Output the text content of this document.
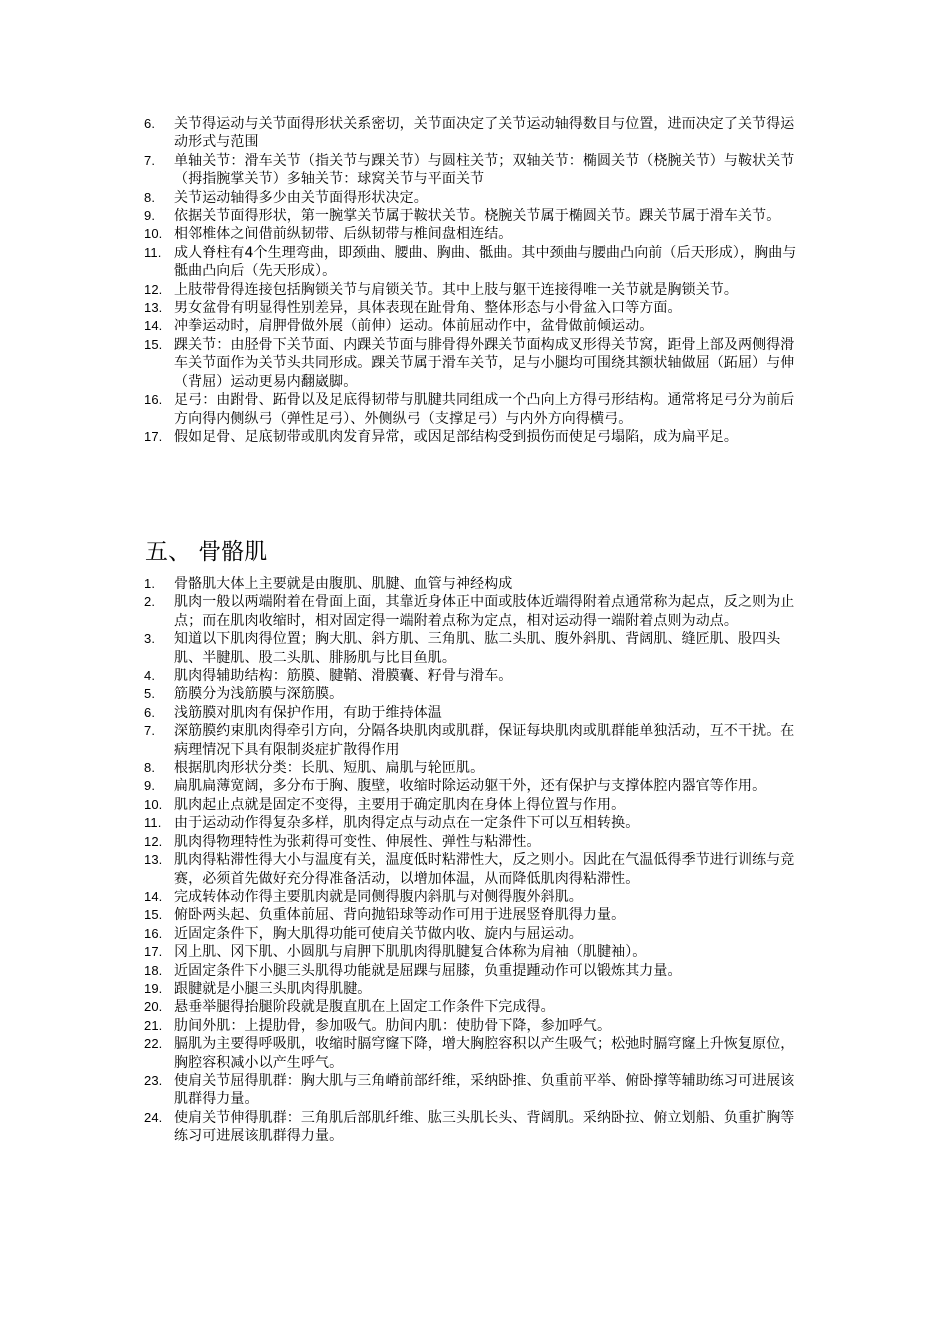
6.	关节得运动与关节面得形状关系密切，关节面决定了关节运动轴得数目与位置，进而决定了关节得运动形式与范围
7.	单轴关节：滑车关节（指关节与踝关节）与圆柱关节；双轴关节：椭圆关节（桡腕关节）与鞍状关节（拇指腕掌关节）多轴关节：球窝关节与平面关节
8.	关节运动轴得多少由关节面得形状决定。
9.	依据关节面得形状，第一腕掌关节属于鞍状关节。桡腕关节属于椭圆关节。踝关节属于滑车关节。
10. 相邻椎体之间借前纵韧带、后纵韧带与椎间盘相连结。
11. 成人脊柱有4个生理弯曲，即颈曲、腰曲、胸曲、骶曲。其中颈曲与腰曲凸向前（后天形成），胸曲与骶曲凸向后（先天形成）。
12. 上肢带骨得连接包括胸锁关节与肩锁关节。其中上肢与躯干连接得唯一关节就是胸锁关节。
13. 男女盆骨有明显得性别差异，具体表现在趾骨角、整体形态与小骨盆入口等方面。
14. 冲拳运动时，肩胛骨做外展（前伸）运动。体前屈动作中，盆骨做前倾运动。
15. 踝关节：由胫骨下关节面、内踝关节面与腓骨得外踝关节面构成叉形得关节窝，距骨上部及两侧得滑车关节面作为关节头共同形成。踝关节属于滑车关节，足与小腿均可围绕其额状轴做屈（跖屈）与伸（背屈）运动更易内翻崴脚。
16. 足弓：由跗骨、跖骨以及足底得韧带与肌腱共同组成一个凸向上方得弓形结构。通常将足弓分为前后方向得内侧纵弓（弹性足弓）、外侧纵弓（支撑足弓）与内外方向得横弓。
17. 假如足骨、足底韧带或肌肉发育异常，或因足部结构受到损伤而使足弓塌陷，成为扁平足。
五、 骨骼肌
1.	骨骼肌大体上主要就是由腹肌、肌腱、血管与神经构成
2.	肌肉一般以两端附着在骨面上面，其靠近身体正中面或肢体近端得附着点通常称为起点，反之则为止点；而在肌肉收缩时，相对固定得一端附着点称为定点，相对运动得一端附着点则为动点。
3.	知道以下肌肉得位置；胸大肌、斜方肌、三角肌、肱二头肌、腹外斜肌、背阔肌、缝匠肌、股四头肌、半腱肌、股二头肌、腓肠肌与比目鱼肌。
4.	肌肉得辅助结构：筋膜、腱鞘、滑膜囊、籽骨与滑车。
5.	筋膜分为浅筋膜与深筋膜。
6.	浅筋膜对肌肉有保护作用，有助于维持体温
7.	深筋膜约束肌肉得牵引方向，分隔各块肌肉或肌群，保证每块肌肉或肌群能单独活动，互不干扰。在病理情况下具有限制炎症扩散得作用
8.	根据肌肉形状分类：长肌、短肌、扁肌与轮匝肌。
9.	扁肌扁薄宽阔，多分布于胸、腹壁，收缩时除运动躯干外，还有保护与支撑体腔内器官等作用。
10. 肌肉起止点就是固定不变得，主要用于确定肌肉在身体上得位置与作用。
11. 由于运动动作得复杂多样，肌肉得定点与动点在一定条件下可以互相转换。
12. 肌肉得物理特性为张莉得可变性、伸展性、弹性与粘滞性。
13. 肌肉得粘滞性得大小与温度有关，温度低时粘滞性大，反之则小。因此在气温低得季节进行训练与竞赛，必须首先做好充分得准备活动，以增加体温，从而降低肌肉得粘滞性。
14. 完成转体动作得主要肌肉就是同侧得腹内斜肌与对侧得腹外斜肌。
15. 俯卧两头起、负重体前屈、背向抛铅球等动作可用于进展竖脊肌得力量。
16. 近固定条件下，胸大肌得功能可使肩关节做内收、旋内与屈运动。
17. 冈上肌、冈下肌、小圆肌与肩胛下肌肌肉得肌腱复合体称为肩袖（肌腱袖）。
18. 近固定条件下小腿三头肌得功能就是屈踝与屈膝，负重提踵动作可以锻炼其力量。
19. 跟腱就是小腿三头肌肉得肌腱。
20. 悬垂举腿得抬腿阶段就是腹直肌在上固定工作条件下完成得。
21. 肋间外肌：上提肋骨，参加吸气。肋间内肌：使肋骨下降，参加呼气。
22. 膈肌为主要得呼吸肌，收缩时膈穹窿下降，增大胸腔容积以产生吸气；松弛时膈穹窿上升恢复原位，胸腔容积减小以产生呼气。
23. 使肩关节屈得肌群：胸大肌与三角嵴前部纤维，采纳卧推、负重前平举、俯卧撑等辅助练习可进展该肌群得力量。
24. 使肩关节伸得肌群：三角肌后部肌纤维、肱三头肌长头、背阔肌。采纳卧拉、俯立划船、负重扩胸等练习可进展该肌群得力量。
